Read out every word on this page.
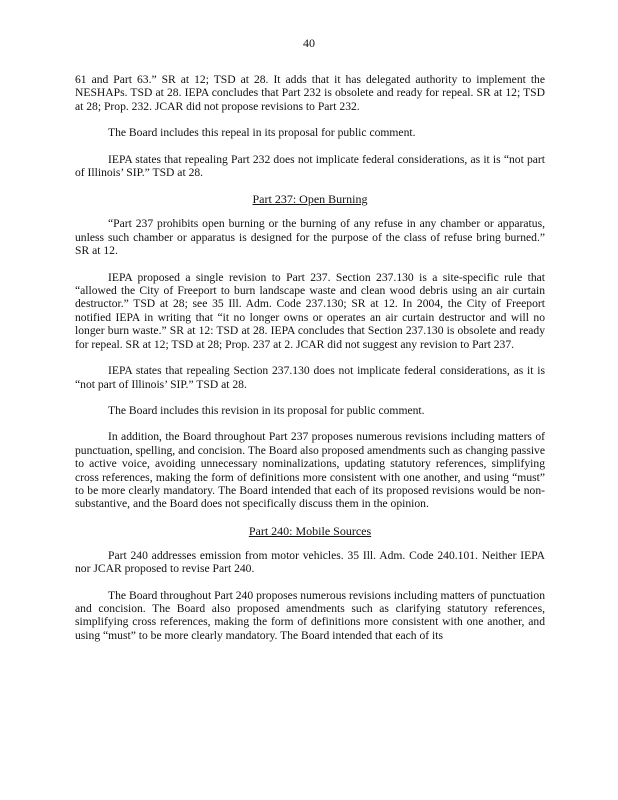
40

61 and Part 63.” SR at 12; TSD at 28. It adds that it has delegated authority to implement the NESHAPs. TSD at 28. IEPA concludes that Part 232 is obsolete and ready for repeal. SR at 12; TSD at 28; Prop. 232. JCAR did not propose revisions to Part 232.

The Board includes this repeal in its proposal for public comment.

IEPA states that repealing Part 232 does not implicate federal considerations, as it is “not part of Illinois’ SIP.” TSD at 28.

Part 237: Open Burning

“Part 237 prohibits open burning or the burning of any refuse in any chamber or apparatus, unless such chamber or apparatus is designed for the purpose of the class of refuse bring burned.” SR at 12.

IEPA proposed a single revision to Part 237. Section 237.130 is a site-specific rule that “allowed the City of Freeport to burn landscape waste and clean wood debris using an air curtain destructor.” TSD at 28; see 35 Ill. Adm. Code 237.130; SR at 12. In 2004, the City of Freeport notified IEPA in writing that “it no longer owns or operates an air curtain destructor and will no longer burn waste.” SR at 12: TSD at 28. IEPA concludes that Section 237.130 is obsolete and ready for repeal. SR at 12; TSD at 28; Prop. 237 at 2. JCAR did not suggest any revision to Part 237.

IEPA states that repealing Section 237.130 does not implicate federal considerations, as it is “not part of Illinois’ SIP.” TSD at 28.

The Board includes this revision in its proposal for public comment.

In addition, the Board throughout Part 237 proposes numerous revisions including matters of punctuation, spelling, and concision. The Board also proposed amendments such as changing passive to active voice, avoiding unnecessary nominalizations, updating statutory references, simplifying cross references, making the form of definitions more consistent with one another, and using “must” to be more clearly mandatory. The Board intended that each of its proposed revisions would be non-substantive, and the Board does not specifically discuss them in the opinion.

Part 240: Mobile Sources

Part 240 addresses emission from motor vehicles. 35 Ill. Adm. Code 240.101. Neither IEPA nor JCAR proposed to revise Part 240.

The Board throughout Part 240 proposes numerous revisions including matters of punctuation and concision. The Board also proposed amendments such as clarifying statutory references, simplifying cross references, making the form of definitions more consistent with one another, and using “must” to be more clearly mandatory. The Board intended that each of its
